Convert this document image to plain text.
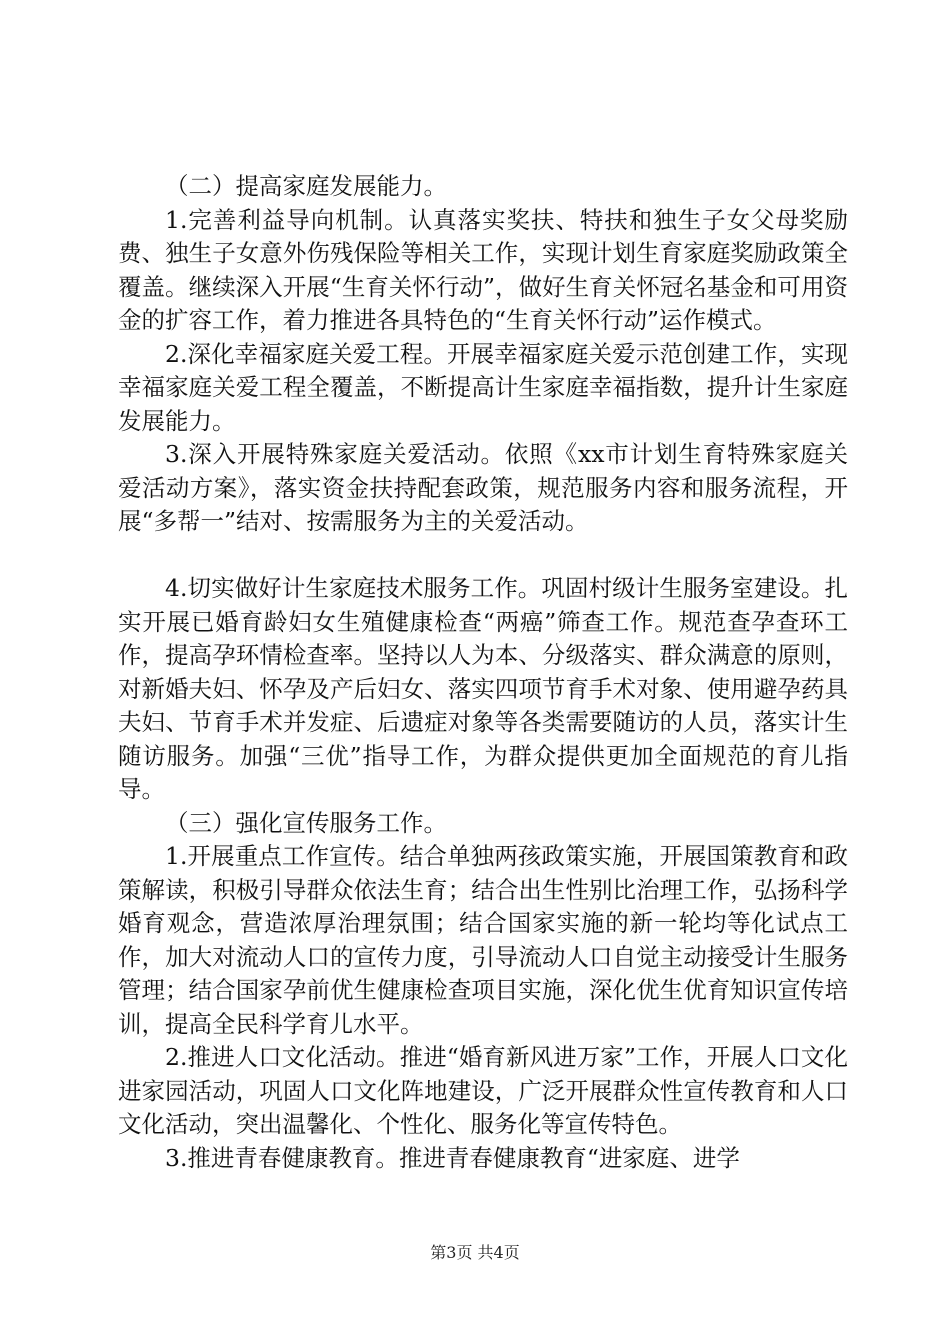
（二）提高家庭发展能力。

1.完善利益导向机制。认真落实奖扶、特扶和独生子女父母奖励费、独生子女意外伤残保险等相关工作，实现计划生育家庭奖励政策全覆盖。继续深入开展“生育关怀行动”，做好生育关怀冠名基金和可用资金的扩容工作，着力推进各具特色的“生育关怀行动”运作模式。

2.深化幸福家庭关爱工程。开展幸福家庭关爱示范创建工作，实现幸福家庭关爱工程全覆盖，不断提高计生家庭幸福指数，提升计生家庭发展能力。

3.深入开展特殊家庭关爱活动。依照《xx市计划生育特殊家庭关爱活动方案》，落实资金扶持配套政策，规范服务内容和服务流程，开展“多帮一”结对、按需服务为主的关爱活动。

4.切实做好计生家庭技术服务工作。巩固村级计生服务室建设。扎实开展已婚育龄妇女生殖健康检查“两癌”筛查工作。规范查孕查环工作，提高孕环情检查率。坚持以人为本、分级落实、群众满意的原则，对新婚夫妇、怀孕及产后妇女、落实四项节育手术对象、使用避孕药具夫妇、节育手术并发症、后遗症对象等各类需要随访的人员，落实计生随访服务。加强“三优”指导工作，为群众提供更加全面规范的育儿指导。

（三）强化宣传服务工作。

1.开展重点工作宣传。结合单独两孩政策实施，开展国策教育和政策解读，积极引导群众依法生育；结合出生性别比治理工作，弘扬科学婚育观念，营造浓厚治理氛围；结合国家实施的新一轮均等化试点工作，加大对流动人口的宣传力度，引导流动人口自觉主动接受计生服务管理；结合国家孕前优生健康检查项目实施，深化优生优育知识宣传培训，提高全民科学育儿水平。

2.推进人口文化活动。推进“婚育新风进万家”工作，开展人口文化进家园活动，巩固人口文化阵地建设，广泛开展群众性宣传教育和人口文化活动，突出温馨化、个性化、服务化等宣传特色。

3.推进青春健康教育。推进青春健康教育“进家庭、进学

第3页 共4页
